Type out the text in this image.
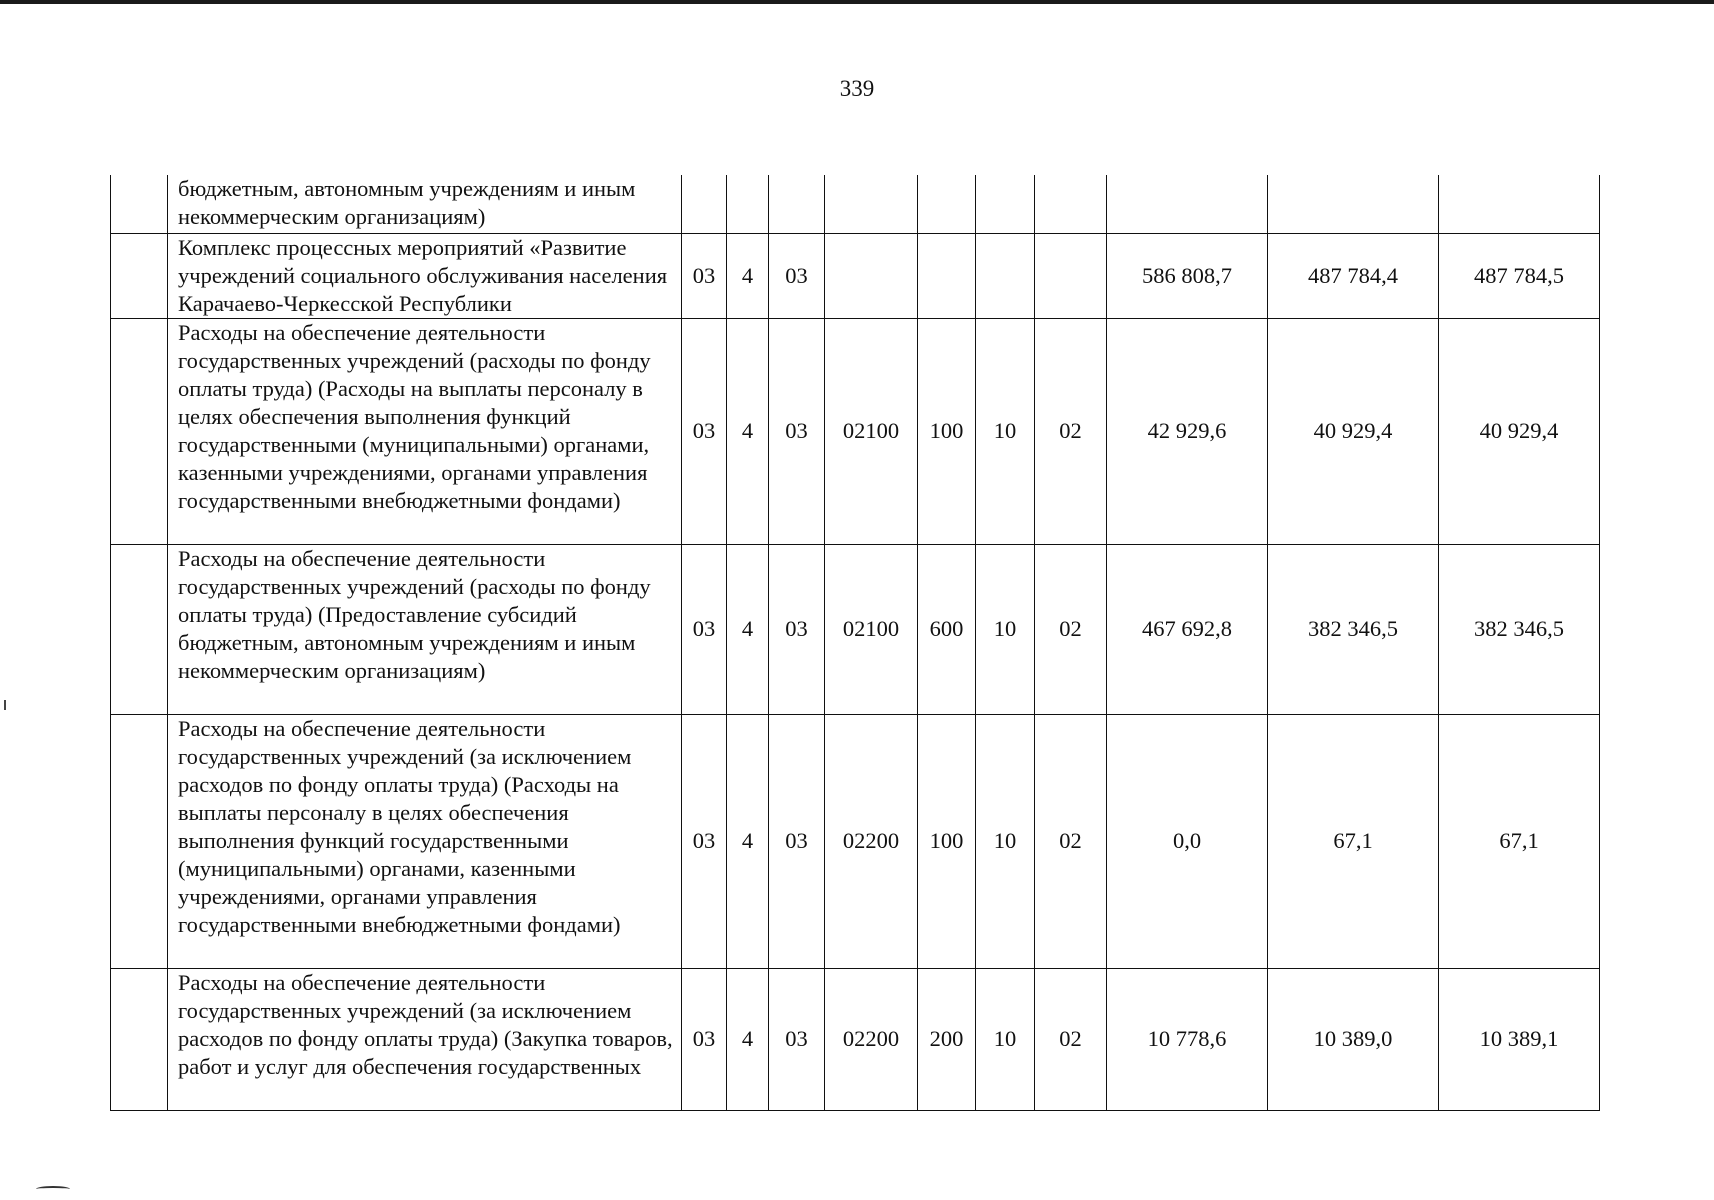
339
	бюджетным, автономным учреждениям и иным некоммерческим организациям)										
	Комплекс процессных мероприятий «Развитие учреждений социального обслуживания населения Карачаево-Черкесской Республики	03	4	03					586 808,7	487 784,4	487 784,5
	Расходы на обеспечение деятельности государственных учреждений (расходы по фонду оплаты труда) (Расходы на выплаты персоналу в целях обеспечения выполнения функций государственными (муниципальными) органами, казенными учреждениями, органами управления государственными внебюджетными фондами)	03	4	03	02100	100	10	02	42 929,6	40 929,4	40 929,4
	Расходы на обеспечение деятельности государственных учреждений (расходы по фонду оплаты труда) (Предоставление субсидий бюджетным, автономным учреждениям и иным некоммерческим организациям)	03	4	03	02100	600	10	02	467 692,8	382 346,5	382 346,5
	Расходы на обеспечение деятельности государственных учреждений (за исключением расходов по фонду оплаты труда) (Расходы на выплаты персоналу в целях обеспечения выполнения функций государственными (муниципальными) органами, казенными учреждениями, органами управления государственными внебюджетными фондами)	03	4	03	02200	100	10	02	0,0	67,1	67,1
	Расходы на обеспечение деятельности государственных учреждений (за исключением расходов по фонду оплаты труда) (Закупка товаров, работ и услуг для обеспечения государственных	03	4	03	02200	200	10	02	10 778,6	10 389,0	10 389,1
